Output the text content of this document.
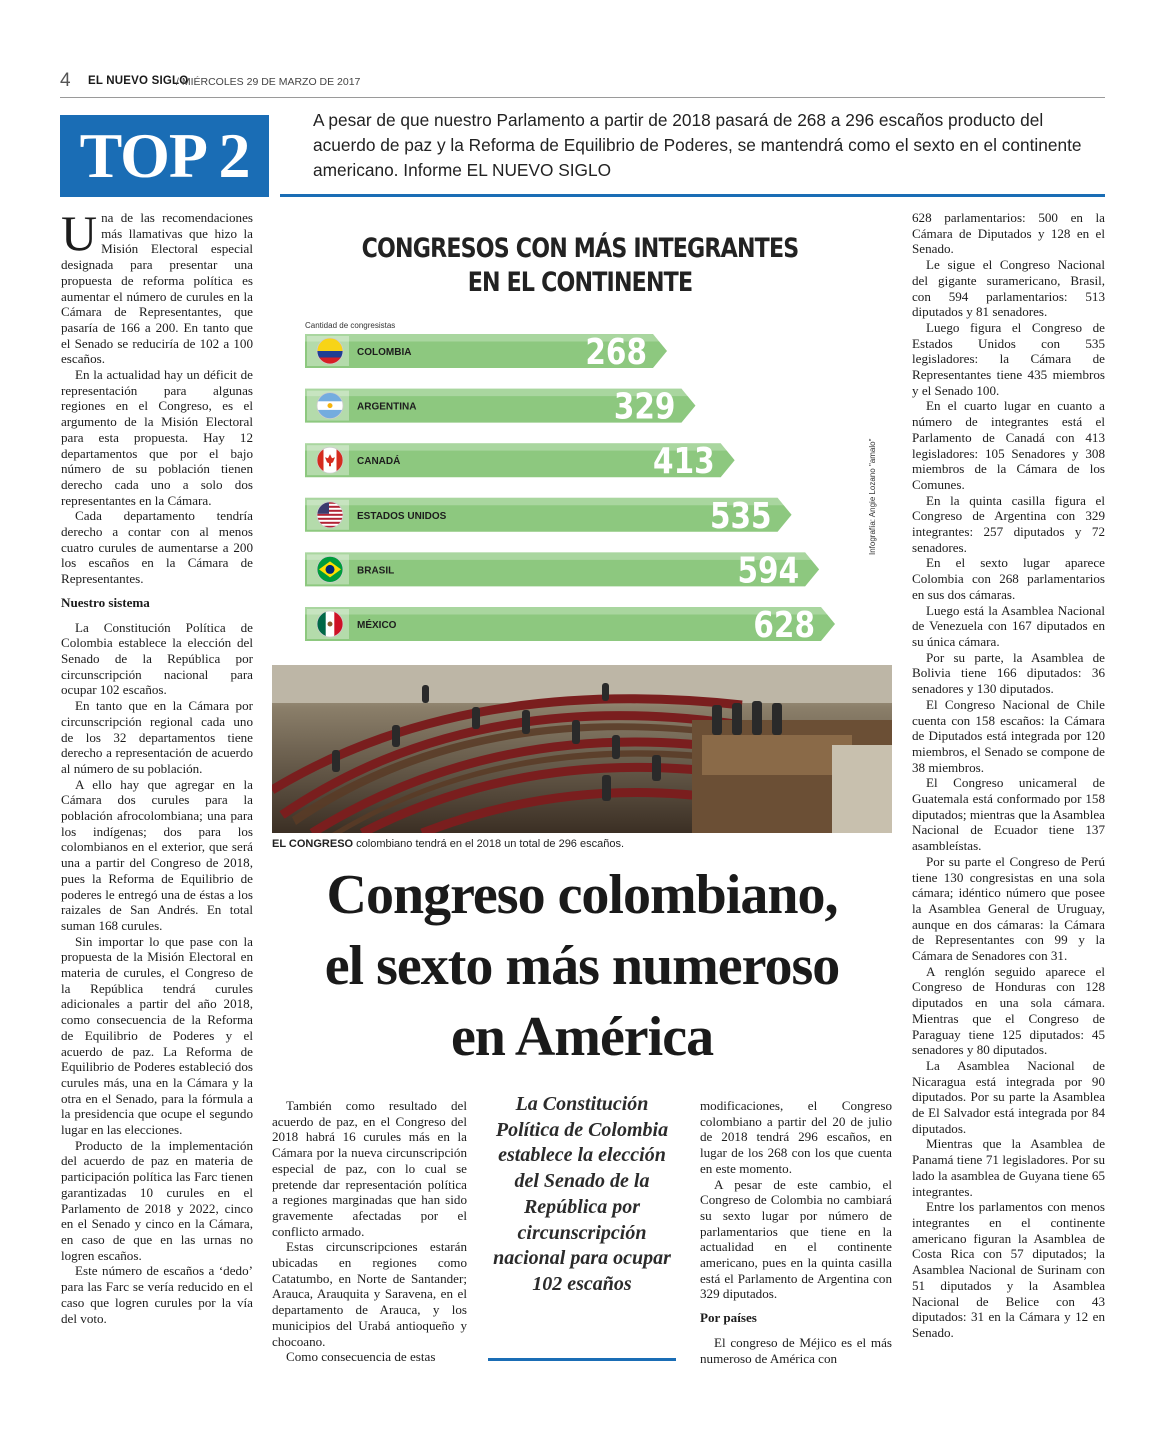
4 EL NUEVO SIGLO
/ MIÉRCOLES 29 DE MARZO DE 2017
TOP 2	A pesar de que nuestro Parlamento a partir de 2018 pasará de 268 a 296 escaños producto del acuerdo de paz y la Reforma de Equilibrio de Poderes, se mantendrá como el sexto en el continente americano. Informe EL NUEVO SIGLO

Una de las recomendaciones más llamativas que hizo la Misión Electoral especial designada para presentar una propuesta de reforma política es aumentar el número de curules en la Cámara de Representantes, que pasaría de 166 a 200. En tanto que el Senado se reduciría de 102 a 100 escaños.

En la actualidad hay un déficit de representación para algunas regiones en el Congreso, es el argumento de la Misión Electoral para esta propuesta. Hay 12 departamentos que por el bajo número de su población tienen derecho cada uno a solo dos representantes en la Cámara.

Cada departamento tendría derecho a contar con al menos cuatro curules de aumentarse a 200 los escaños en la Cámara de Representantes.

Nuestro sistema

La Constitución Política de Colombia establece la elección del Senado de la República por circunscripción nacional para ocupar 102 escaños.

En tanto que en la Cámara por circunscripción regional cada uno de los 32 departamentos tiene derecho a representación de acuerdo al número de su población.

A ello hay que agregar en la Cámara dos curules para la población afrocolombiana; una para los indígenas; dos para los colombianos en el exterior, que será una a partir del Congreso de 2018, pues la Reforma de Equilibrio de poderes le entregó una de éstas a los raizales de San Andrés. En total suman 168 curules.

Sin importar lo que pase con la propuesta de la Misión Electoral en materia de curules, el Congreso de la República tendrá curules adicionales a partir del año 2018, como consecuencia de la Reforma de Equilibrio de Poderes y el acuerdo de paz. La Reforma de Equilibrio de Poderes estableció dos curules más, una en la Cámara y la otra en el Senado, para la fórmula a la presidencia que ocupe el segundo lugar en las elecciones.

Producto de la implementación del acuerdo de paz en materia de participación política las Farc tienen garantizadas 10 curules en el Parlamento de 2018 y 2022, cinco en el Senado y cinco en la Cámara, en caso de que en las urnas no logren escaños.

Este número de escaños a ‘dedo’ para las Farc se vería reducido en el caso que logren curules por la vía del voto.

CONGRESOS CON MÁS INTEGRANTES
EN EL CONTINENTE
Cantidad de congresistas
COLOMBIA	268
ARGENTINA	329
CANADÁ	413
ESTADOS UNIDOS	535
BRASIL	594
MÉXICO	628
Infografía: Angie Lozano "amalo"
EL CONGRESO colombiano tendrá en el 2018 un total de 296 escaños.
Congreso colombiano,
el sexto más numeroso
en América

También como resultado del acuerdo de paz, en el Congreso del 2018 habrá 16 curules más en la Cámara por la nueva circunscripción especial de paz, con lo cual se pretende dar representación política a regiones marginadas que han sido gravemente afectadas por el conflicto armado.

Estas circunscripciones estarán ubicadas en regiones como Catatumbo, en Norte de Santander; Arauca, Arauquita y Saravena, en el departamento de Arauca, y los municipios del Urabá antioqueño y chocoano.

Como consecuencia de estas

La Constitución Política de Colombia establece la elección del Senado de la República por circunscripción nacional para ocupar 102 escaños

modificaciones, el Congreso colombiano a partir del 20 de julio de 2018 tendrá 296 escaños, en lugar de los 268 con los que cuenta en este momento.

A pesar de este cambio, el Congreso de Colombia no cambiará su sexto lugar por número de parlamentarios que tiene en la actualidad en el continente americano, pues en la quinta casilla está el Parlamento de Argentina con 329 diputados.

Por países

El congreso de Méjico es el más numeroso de América con

628 parlamentarios: 500 en la Cámara de Diputados y 128 en el Senado.

Le sigue el Congreso Nacional del gigante suramericano, Brasil, con 594 parlamentarios: 513 diputados y 81 senadores.

Luego figura el Congreso de Estados Unidos con 535 legisladores: la Cámara de Representantes tiene 435 miembros y el Senado 100.

En el cuarto lugar en cuanto a número de integrantes está el Parlamento de Canadá con 413 legisladores: 105 Senadores y 308 miembros de la Cámara de los Comunes.

En la quinta casilla figura el Congreso de Argentina con 329 integrantes: 257 diputados y 72 senadores.

En el sexto lugar aparece Colombia con 268 parlamentarios en sus dos cámaras.

Luego está la Asamblea Nacional de Venezuela con 167 diputados en su única cámara.

Por su parte, la Asamblea de Bolivia tiene 166 diputados: 36 senadores y 130 diputados.

El Congreso Nacional de Chile cuenta con 158 escaños: la Cámara de Diputados está integrada por 120 miembros, el Senado se compone de 38 miembros.

El Congreso unicameral de Guatemala está conformado por 158 diputados; mientras que la Asamblea Nacional de Ecuador tiene 137 asambleístas.

Por su parte el Congreso de Perú tiene 130 congresistas en una sola cámara; idéntico número que posee la Asamblea General de Uruguay, aunque en dos cámaras: la Cámara de Representantes con 99 y la Cámara de Senadores con 31.

A renglón seguido aparece el Congreso de Honduras con 128 diputados en una sola cámara. Mientras que el Congreso de Paraguay tiene 125 diputados: 45 senadores y 80 diputados.

La Asamblea Nacional de Nicaragua está integrada por 90 diputados. Por su parte la Asamblea de El Salvador está integrada por 84 diputados.

Mientras que la Asamblea de Panamá tiene 71 legisladores. Por su lado la asamblea de Guyana tiene 65 integrantes.

Entre los parlamentos con menos integrantes en el continente americano figuran la Asamblea de Costa Rica con 57 diputados; la Asamblea Nacional de Surinam con 51 diputados y la Asamblea Nacional de Belice con 43 diputados: 31 en la Cámara y 12 en Senado.
